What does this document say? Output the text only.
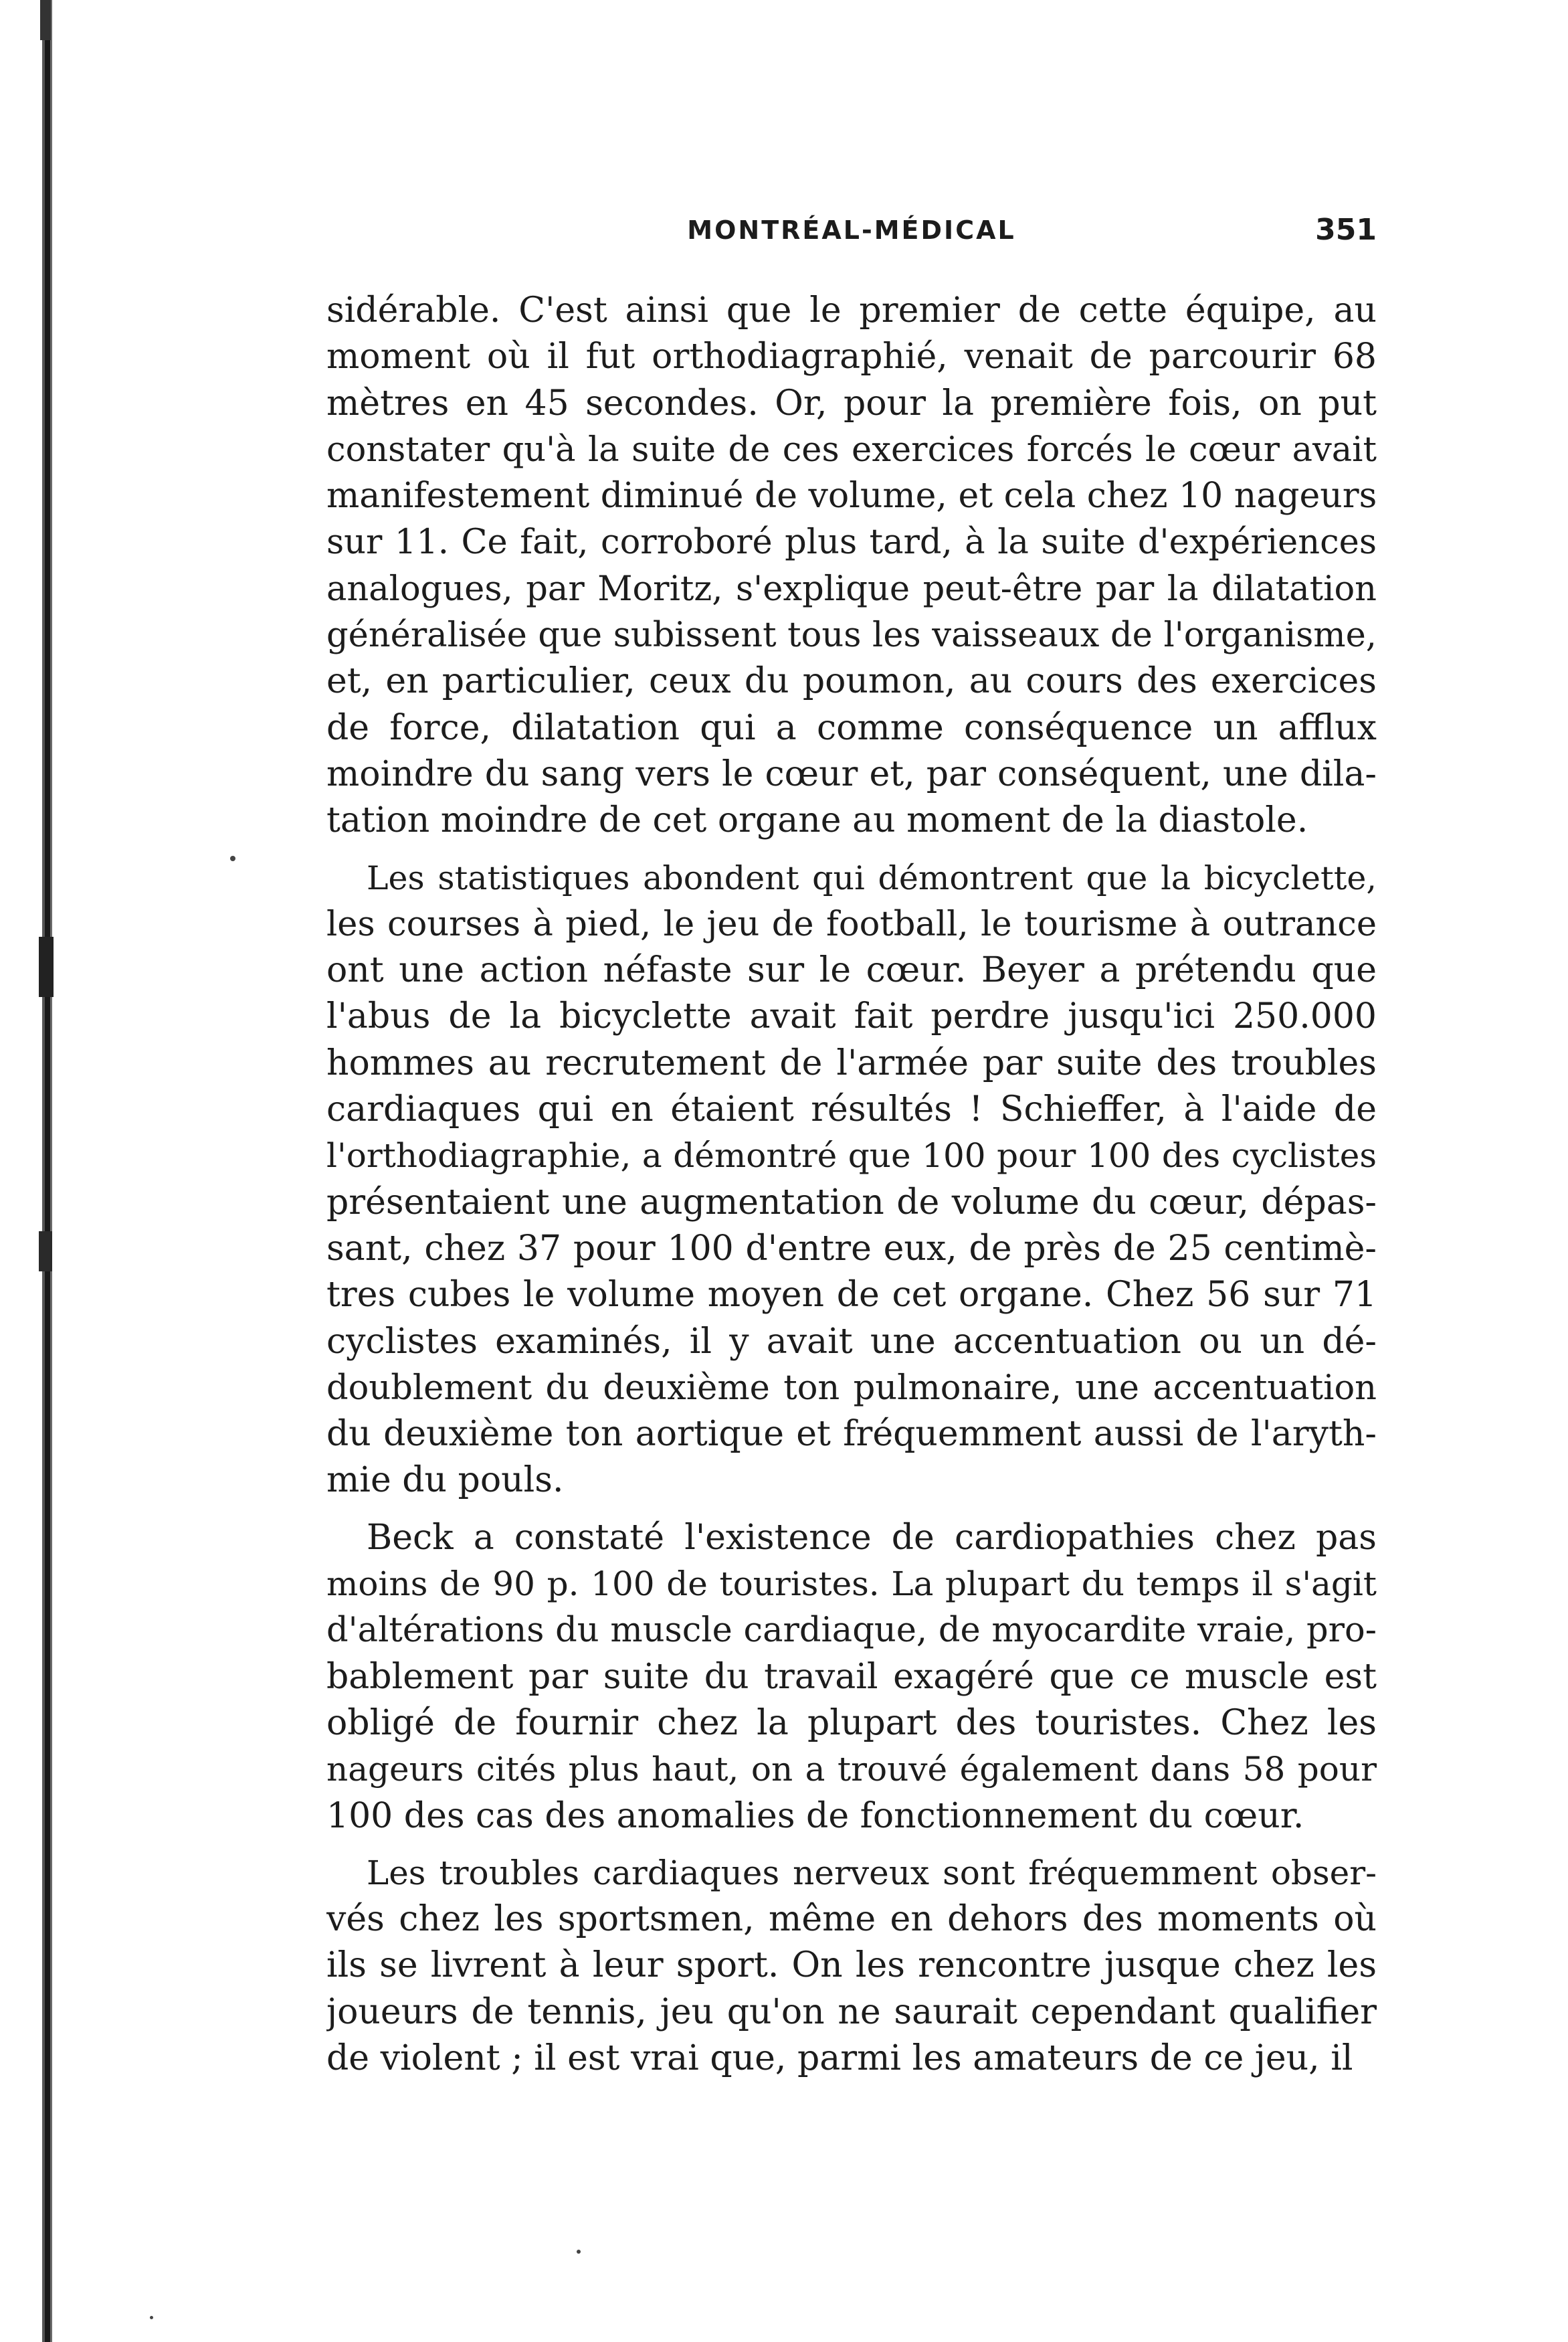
MONTRÉAL-MÉDICAL	351

sidérable. C'est ainsi que le premier de cette équipe, au
moment où il fut orthodiagraphié, venait de parcourir 68
mètres en 45 secondes. Or, pour la première fois, on put
constater qu'à la suite de ces exercices forcés le cœur avait
manifestement diminué de volume, et cela chez 10 nageurs
sur 11. Ce fait, corroboré plus tard, à la suite d'expériences
analogues, par Moritz, s'explique peut-être par la dilatation
généralisée que subissent tous les vaisseaux de l'organisme,
et, en particulier, ceux du poumon, au cours des exercices
de force, dilatation qui a comme conséquence un afflux
moindre du sang vers le cœur et, par conséquent, une dila-
tation moindre de cet organe au moment de la diastole.

Les statistiques abondent qui démontrent que la bicyclette,
les courses à pied, le jeu de football, le tourisme à outrance
ont une action néfaste sur le cœur. Beyer a prétendu que
l'abus de la bicyclette avait fait perdre jusqu'ici 250.000
hommes au recrutement de l'armée par suite des troubles
cardiaques qui en étaient résultés ! Schieffer, à l'aide de
l'orthodiagraphie, a démontré que 100 pour 100 des cyclistes
présentaient une augmentation de volume du cœur, dépas-
sant, chez 37 pour 100 d'entre eux, de près de 25 centimè-
tres cubes le volume moyen de cet organe. Chez 56 sur 71
cyclistes examinés, il y avait une accentuation ou un dé-
doublement du deuxième ton pulmonaire, une accentuation
du deuxième ton aortique et fréquemment aussi de l'aryth-
mie du pouls.

Beck a constaté l'existence de cardiopathies chez pas
moins de 90 p. 100 de touristes. La plupart du temps il s'agit
d'altérations du muscle cardiaque, de myocardite vraie, pro-
bablement par suite du travail exagéré que ce muscle est
obligé de fournir chez la plupart des touristes. Chez les
nageurs cités plus haut, on a trouvé également dans 58 pour
100 des cas des anomalies de fonctionnement du cœur.

Les troubles cardiaques nerveux sont fréquemment obser-
vés chez les sportsmen, même en dehors des moments où
ils se livrent à leur sport. On les rencontre jusque chez les
joueurs de tennis, jeu qu'on ne saurait cependant qualifier
de violent ; il est vrai que, parmi les amateurs de ce jeu, il
